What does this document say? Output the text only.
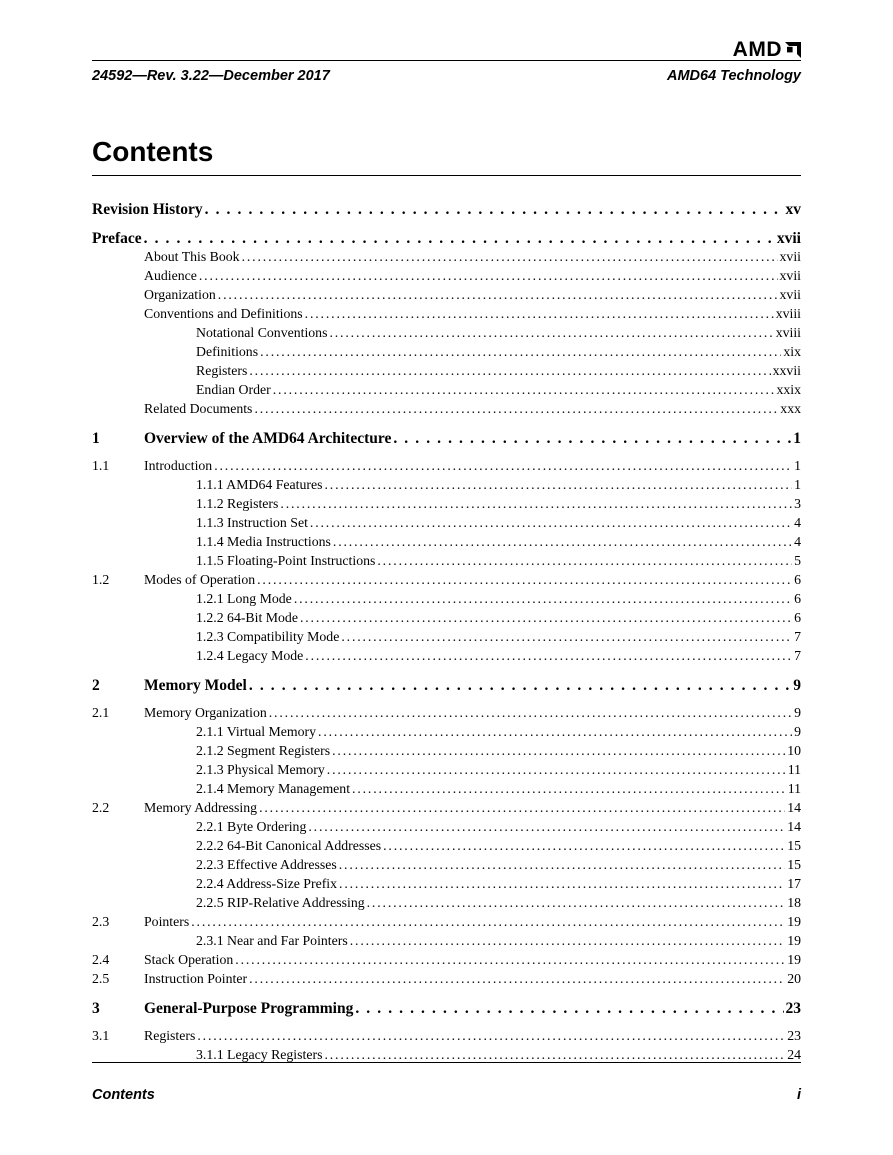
AMD
24592—Rev. 3.22—December 2017	AMD64 Technology
Contents
Revision History . . .	xv
Preface . . .	xvii
About This Book . . .	xvii
Audience . . .	xvii
Organization . . .	xvii
Conventions and Definitions . . .	xviii
Notational Conventions . . .	xviii
Definitions . . .	xix
Registers . . .	xxvii
Endian Order . . .	xxix
Related Documents . . .	xxx
1	Overview of the AMD64 Architecture . . .	1
1.1	Introduction . . .	1
1.1.1 AMD64 Features . . .	1
1.1.2 Registers . . .	3
1.1.3 Instruction Set . . .	4
1.1.4 Media Instructions . . .	4
1.1.5 Floating-Point Instructions . . .	5
1.2	Modes of Operation . . .	6
1.2.1 Long Mode . . .	6
1.2.2 64-Bit Mode . . .	6
1.2.3 Compatibility Mode . . .	7
1.2.4 Legacy Mode . . .	7
2	Memory Model . . .	9
2.1	Memory Organization . . .	9
2.1.1 Virtual Memory . . .	9
2.1.2 Segment Registers . . .	10
2.1.3 Physical Memory . . .	11
2.1.4 Memory Management . . .	11
2.2	Memory Addressing . . .	14
2.2.1 Byte Ordering . . .	14
2.2.2 64-Bit Canonical Addresses . . .	15
2.2.3 Effective Addresses . . .	15
2.2.4 Address-Size Prefix . . .	17
2.2.5 RIP-Relative Addressing . . .	18
2.3	Pointers . . .	19
2.3.1 Near and Far Pointers . . .	19
2.4	Stack Operation . . .	19
2.5	Instruction Pointer . . .	20
3	General-Purpose Programming . . .	23
3.1	Registers . . .	23
3.1.1 Legacy Registers . . .	24
Contents	i
